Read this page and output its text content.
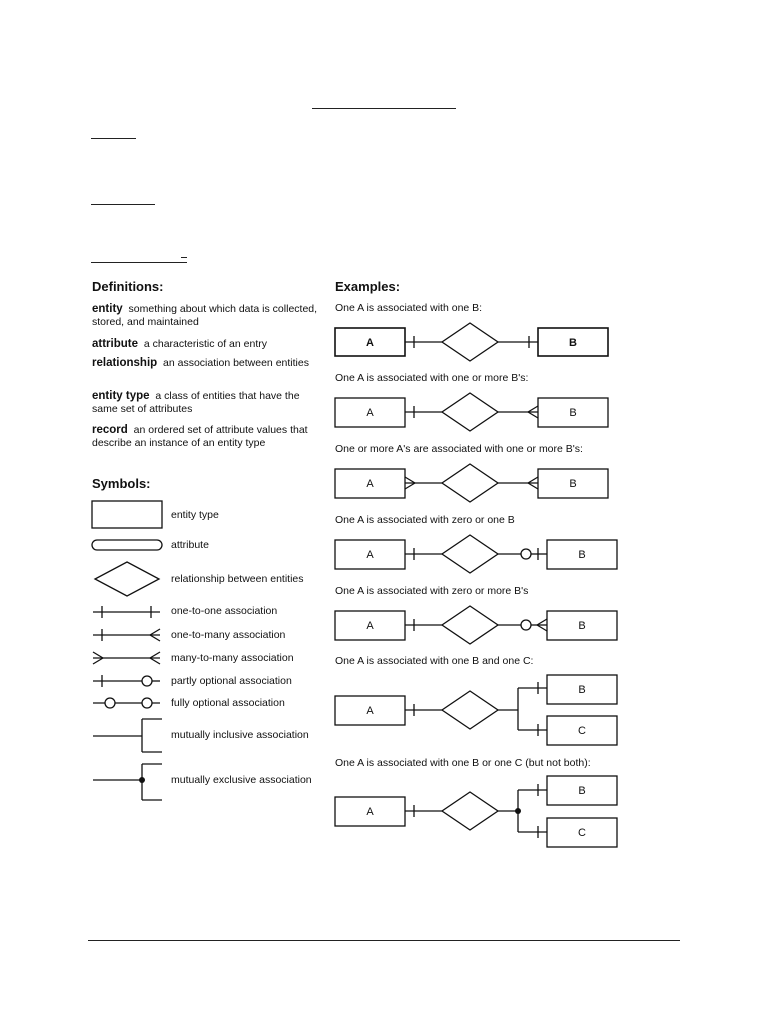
Definitions:
entity something about which data is collected, stored, and maintained
attribute a characteristic of an entry
relationship an association between entities
entity type a class of entities that have the same set of attributes
record an ordered set of attribute values that describe an instance of an entity type
Symbols:
entity type
attribute
relationship between entities
one-to-one association
one-to-many association
many-to-many association
partly optional association
fully optional association
mutually inclusive association
mutually exclusive association
Examples:
One A is associated with one B:
One A is associated with one or more B's:
One or more A's are associated with one or more B's:
One A is associated with zero or one B
One A is associated with zero or more B's
One A is associated with one B and one C:
One A is associated with one B or one C (but not both):
A	B
A	B
A	B
A	B
A	B
A
B
C
A
B
C
